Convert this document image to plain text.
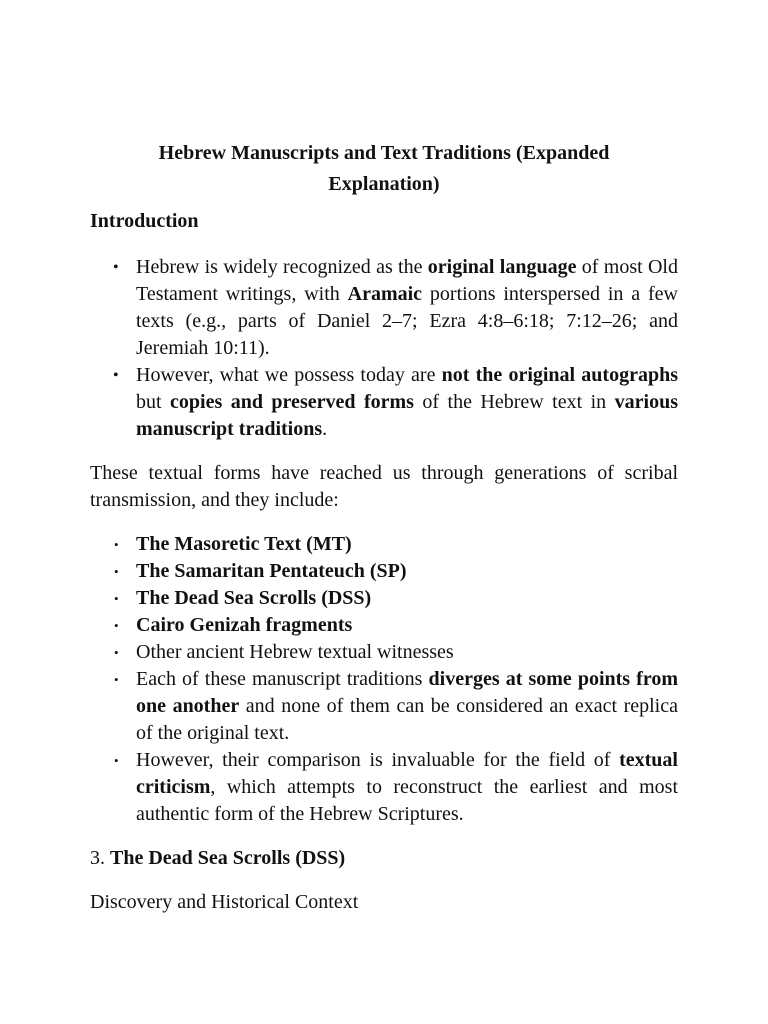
Hebrew Manuscripts and Text Traditions (Expanded
Explanation)
Introduction
• Hebrew is widely recognized as the original language of most Old Testament writings, with Aramaic portions interspersed in a few texts (e.g., parts of Daniel 2–7; Ezra 4:8–6:18; 7:12–26; and Jeremiah 10:11).
• However, what we possess today are not the original autographs but copies and preserved forms of the Hebrew text in various manuscript traditions.

These textual forms have reached us through generations of scribal transmission, and they include:

• The Masoretic Text (MT)
• The Samaritan Pentateuch (SP)
• The Dead Sea Scrolls (DSS)
• Cairo Genizah fragments
• Other ancient Hebrew textual witnesses
• Each of these manuscript traditions diverges at some points from one another and none of them can be considered an exact replica of the original text.
• However, their comparison is invaluable for the field of textual criticism, which attempts to reconstruct the earliest and most authentic form of the Hebrew Scriptures.

3. The Dead Sea Scrolls (DSS)

Discovery and Historical Context
